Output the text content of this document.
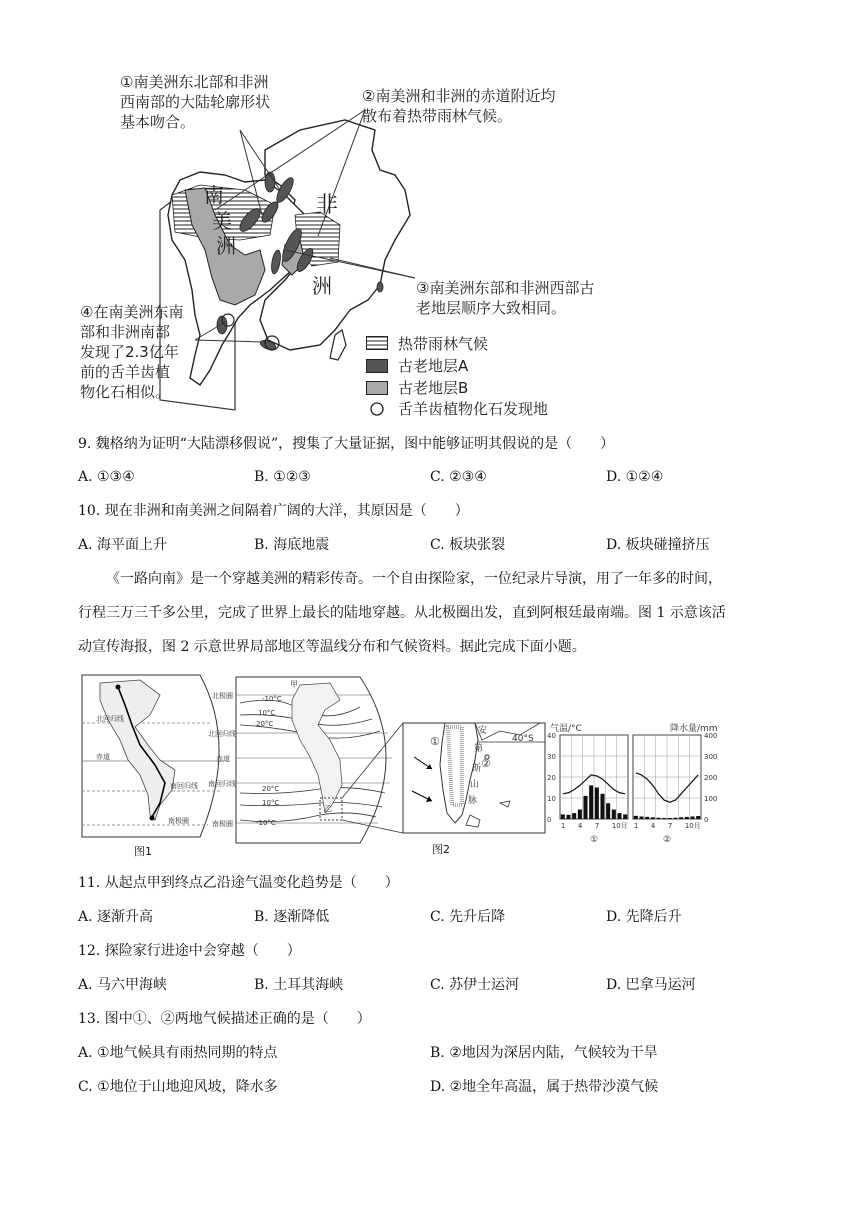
南
美
洲
非
洲
①南美洲东北部和非洲
西南部的大陆轮廓形状
基本吻合。
②南美洲和非洲的赤道附近均
散布着热带雨林气候。
③南美洲东部和非洲西部古
老地层顺序大致相同。
④在南美洲东南
部和非洲南部
发现了2.3亿年
前的舌羊齿植
物化石相似。
热带雨林气候
古老地层A
古老地层B
舌羊齿植物化石发现地
9. 魏格纳为证明“大陆漂移假说”，搜集了大量证据，图中能够证明其假说的是（　　）
A. ①③④	B. ①②③	C. ②③④	D. ①②④
10. 现在非洲和南美洲之间隔着广阔的大洋，其原因是（　　）
A. 海平面上升	B. 海底地震	C. 板块张裂	D. 板块碰撞挤压
《一路向南》是一个穿越美洲的精彩传奇。一个自由探险家，一位纪录片导演，用了一年多的时间，
行程三万三千多公里，完成了世界上最长的陆地穿越。从北极圈出发，直到阿根廷最南端。图 1 示意该活
动宣传海报，图 2 示意世界局部地区等温线分布和气候资料。据此完成下面小题。
1 4 7 10月 1 4 7 10月
40
30
20
10
0
400
300
200
100
0
气温/°C	降水量/mm
①	②
北回归线
南回归线
赤道
南极圈
北极圈
北回归线
赤道
南回归线
南极圈
-10°C
10°C
20°C
20°C
10°C
-10°C
甲
乙
40°S
安
第
斯
山
脉
①
②
图1	图2
11. 从起点甲到终点乙沿途气温变化趋势是（　　）
A. 逐渐升高	B. 逐渐降低	C. 先升后降	D. 先降后升
12. 探险家行进途中会穿越（　　）
A. 马六甲海峡	B. 土耳其海峡	C. 苏伊士运河	D. 巴拿马运河
13. 图中①、②两地气候描述正确的是（　　）
A. ①地气候具有雨热同期的特点	B. ②地因为深居内陆，气候较为干旱
C. ①地位于山地迎风坡，降水多	D. ②地全年高温，属于热带沙漠气候
